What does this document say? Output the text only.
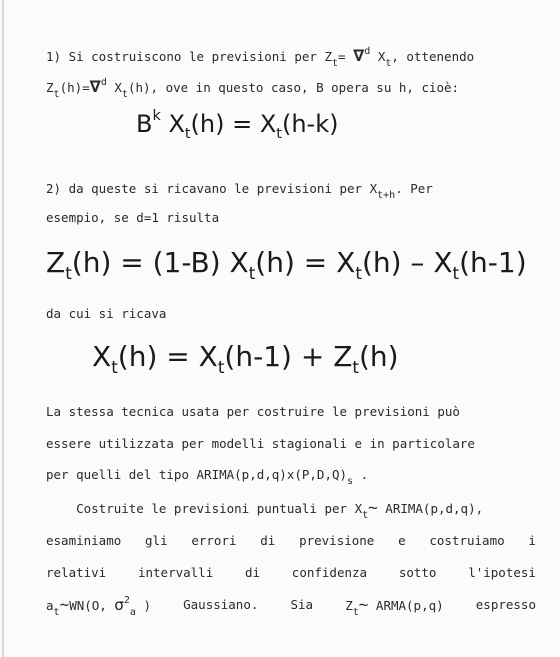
1) Si costruiscono le previsioni per $Z_t= \nabla^d$ $X_t$, ottenendo
$Z_t(h)=\nabla^d$ $X_t(h)$, ove in questo caso, B opera su h, cioè:
$B^k$ $X_t(h) = X_t(h-k)$
2) da queste si ricavano le previsioni per $X_{t+h}$. Per
esempio, se d=1 risulta
$Z_t(h) = (1-B) X_t(h) = X_t(h) - X_t(h-1)$
da cui si ricava
$X_t(h) = X_t(h-1) + Z_t(h)$
La stessa tecnica usata per costruire le previsioni può
essere utilizzata per modelli stagionali e in particolare
per quelli del tipo $ARIMA(p,d,q)x(P,D,Q)_s$ .
Costruite le previsioni puntuali per $X_t\sim$ ARIMA(p,d,q),
esaminiamo gli errori di previsione e costruiamo i
relativi	intervalli	di	confidenza	sotto	l'ipotesi
at~WN(O, σ2a )	Gaussiano.	Sia	Zt~ ARMA(p,q)	espresso
